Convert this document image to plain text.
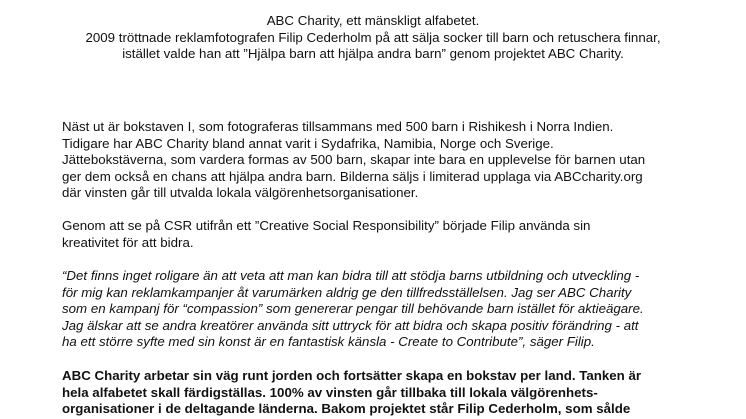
ABC Charity, ett mänskligt alfabetet.
2009 tröttnade reklamfotografen Filip Cederholm på att sälja socker till barn och retuschera finnar,
istället valde han att ”Hjälpa barn att hjälpa andra barn” genom projektet ABC Charity.
Näst ut är bokstaven I, som fotograferas tillsammans med 500 barn i Rishikesh i Norra Indien.
Tidigare har ABC Charity bland annat varit i Sydafrika, Namibia, Norge och Sverige.
Jättebokstäverna, som vardera formas av 500 barn, skapar inte bara en upplevelse för barnen utan
ger dem också en chans att hjälpa andra barn. Bilderna säljs i limiterad upplaga via ABCcharity.org
där vinsten går till utvalda lokala välgörenhetsorganisationer.
Genom att se på CSR utifrån ett ”Creative Social Responsibility” började Filip använda sin
kreativitet för att bidra.
“Det finns inget roligare än att veta att man kan bidra till att stödja barns utbildning och utveckling -
för mig kan reklamkampanjer åt varumärken aldrig ge den tillfredsställelsen. Jag ser ABC Charity
som en kampanj för “compassion” som genererar pengar till behövande barn istället för aktieägare.
Jag älskar att se andra kreatörer använda sitt uttryck för att bidra och skapa positiv förändring - att
ha ett större syfte med sin konst är en fantastisk känsla - Create to Contribute”, säger Filip.
ABC Charity arbetar sin väg runt jorden och fortsätter skapa en bokstav per land. Tanken är
hela alfabetet skall färdigställas. 100% av vinsten går tillbaka till lokala välgörenhets-
organisationer i de deltagande länderna. Bakom projektet står Filip Cederholm, som sålde
